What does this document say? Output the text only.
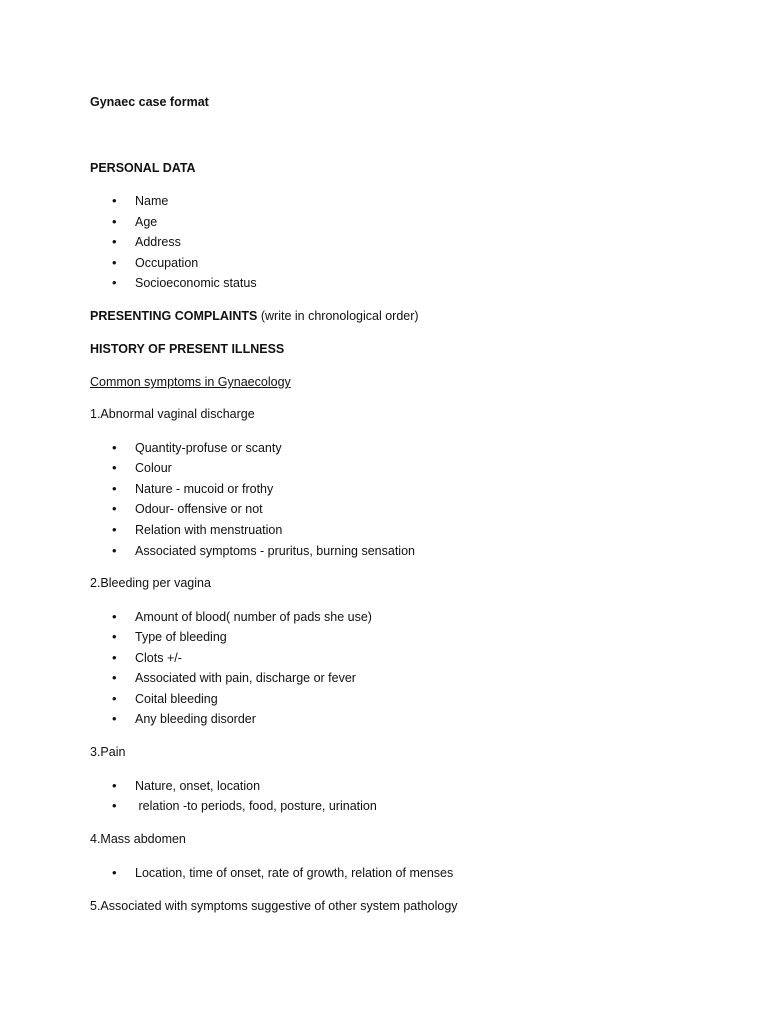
Gynaec case format
PERSONAL DATA
• Name
• Age
• Address
• Occupation
• Socioeconomic status
PRESENTING COMPLAINTS (write in chronological order)
HISTORY OF PRESENT ILLNESS
Common symptoms in Gynaecology
1.Abnormal vaginal discharge
• Quantity-profuse or scanty
• Colour
• Nature - mucoid or frothy
• Odour- offensive or not
• Relation with menstruation
• Associated symptoms - pruritus, burning sensation
2.Bleeding per vagina
• Amount of blood( number of pads she use)
• Type of bleeding
• Clots +/-
• Associated with pain, discharge or fever
• Coital bleeding
• Any bleeding disorder
3.Pain
• Nature, onset, location
• relation -to periods, food, posture, urination
4.Mass abdomen
• Location, time of onset, rate of growth, relation of menses
5.Associated with symptoms suggestive of other system pathology
